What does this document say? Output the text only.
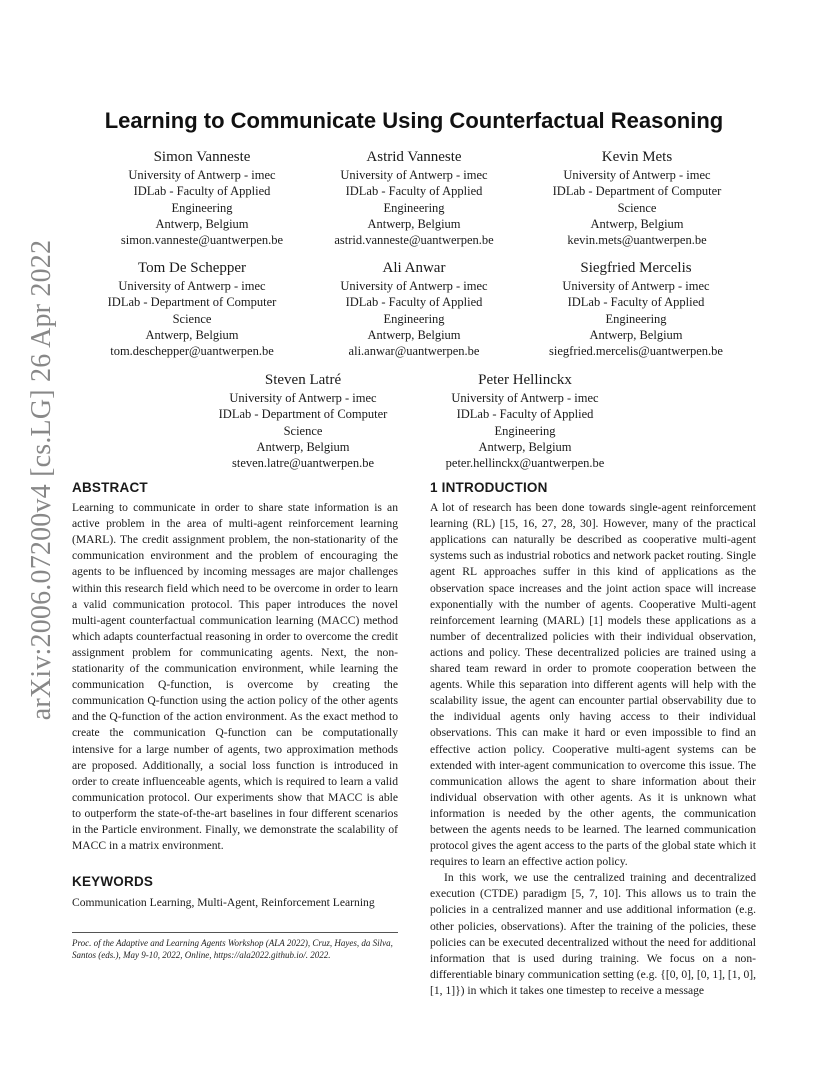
arXiv:2006.07200v4 [cs.LG] 26 Apr 2022
Learning to Communicate Using Counterfactual Reasoning
Simon Vanneste
University of Antwerp - imec
IDLab - Faculty of Applied
Engineering
Antwerp, Belgium
simon.vanneste@uantwerpen.be
Astrid Vanneste
University of Antwerp - imec
IDLab - Faculty of Applied
Engineering
Antwerp, Belgium
astrid.vanneste@uantwerpen.be
Kevin Mets
University of Antwerp - imec
IDLab - Department of Computer
Science
Antwerp, Belgium
kevin.mets@uantwerpen.be
Tom De Schepper
University of Antwerp - imec
IDLab - Department of Computer
Science
Antwerp, Belgium
tom.deschepper@uantwerpen.be
Ali Anwar
University of Antwerp - imec
IDLab - Faculty of Applied
Engineering
Antwerp, Belgium
ali.anwar@uantwerpen.be
Siegfried Mercelis
University of Antwerp - imec
IDLab - Faculty of Applied
Engineering
Antwerp, Belgium
siegfried.mercelis@uantwerpen.be
Steven Latré
University of Antwerp - imec
IDLab - Department of Computer
Science
Antwerp, Belgium
steven.latre@uantwerpen.be
Peter Hellinckx
University of Antwerp - imec
IDLab - Faculty of Applied
Engineering
Antwerp, Belgium
peter.hellinckx@uantwerpen.be
ABSTRACT

Learning to communicate in order to share state information is an active problem in the area of multi-agent reinforcement learning (MARL). The credit assignment problem, the non-stationarity of the communication environment and the problem of encouraging the agents to be influenced by incoming messages are major challenges within this research field which need to be overcome in order to learn a valid communication protocol. This paper introduces the novel multi-agent counterfactual communication learning (MACC) method which adapts counterfactual reasoning in order to overcome the credit assignment problem for communicating agents. Next, the non-stationarity of the communication environment, while learning the communication Q-function, is overcome by creating the communication Q-function using the action policy of the other agents and the Q-function of the action environment. As the exact method to create the communication Q-function can be computationally intensive for a large number of agents, two approximation methods are proposed. Additionally, a social loss function is introduced in order to create influenceable agents, which is required to learn a valid communication protocol. Our experiments show that MACC is able to outperform the state-of-the-art baselines in four different scenarios in the Particle environment. Finally, we demonstrate the scalability of MACC in a matrix environment.

KEYWORDS

Communication Learning, Multi-Agent, Reinforcement Learning

Proc. of the Adaptive and Learning Agents Workshop (ALA 2022), Cruz, Hayes, da Silva, Santos (eds.), May 9-10, 2022, Online, https://ala2022.github.io/. 2022.
1 INTRODUCTION

A lot of research has been done towards single-agent reinforcement learning (RL) [15, 16, 27, 28, 30]. However, many of the practical applications can naturally be described as cooperative multi-agent systems such as industrial robotics and network packet routing. Single agent RL approaches suffer in this kind of applications as the observation space increases and the joint action space will increase exponentially with the number of agents. Cooperative Multi-agent reinforcement learning (MARL) [1] models these applications as a number of decentralized policies with their individual observation, actions and policy. These decentralized policies are trained using a shared team reward in order to promote cooperation between the agents. While this separation into different agents will help with the scalability issue, the agent can encounter partial observability due to the individual agents only having access to their individual observations. This can make it hard or even impossible to find an effective action policy. Cooperative multi-agent systems can be extended with inter-agent communication to overcome this issue. The communication allows the agent to share information about their individual observation with other agents. As it is unknown what information is needed by the other agents, the communication between the agents needs to be learned. The learned communication protocol gives the agent access to the parts of the global state which it requires to learn an effective action policy.

In this work, we use the centralized training and decentralized execution (CTDE) paradigm [5, 7, 10]. This allows us to train the policies in a centralized manner and use additional information (e.g. other policies, observations). After the training of the policies, these policies can be executed decentralized without the need for additional information that is used during training. We focus on a non-differentiable binary communication setting (e.g. {[0, 0], [0, 1], [1, 0], [1, 1]}) in which it takes one timestep to receive a message
